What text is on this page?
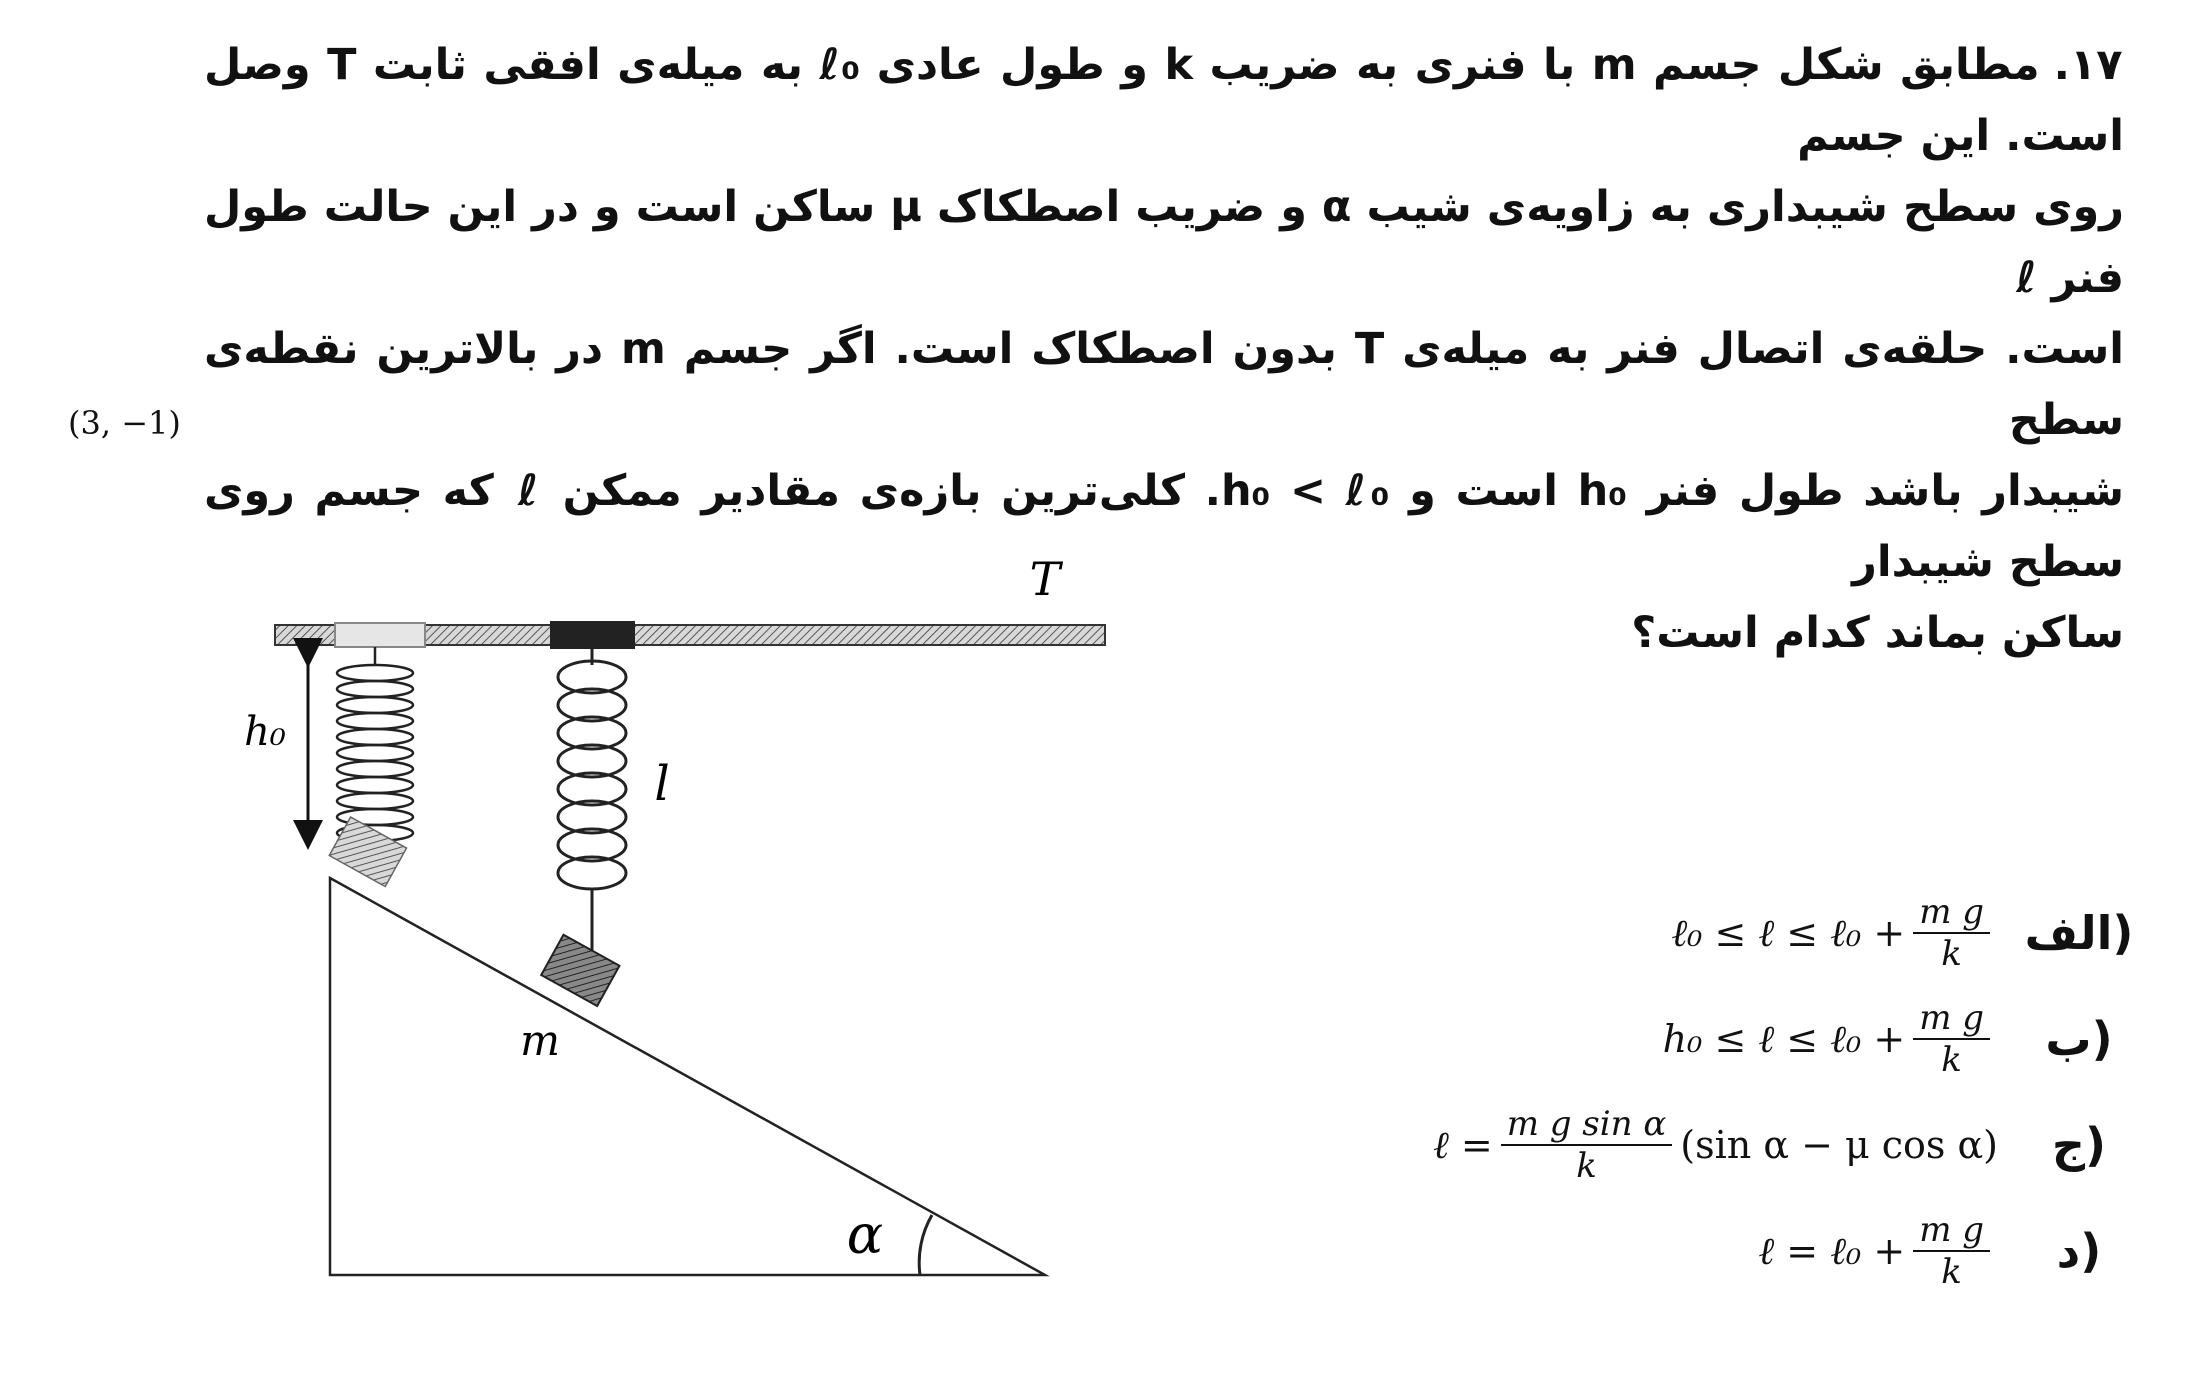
۱۷.مطابق شکل جسم m با فنری به ضریب k و طول عادی ℓ₀ به میله‌ی افقی ثابت T وصل است. این جسم
روی سطح شیبداری به زاویه‌ی شیب α و ضریب اصطکاک μ ساکن است و در این حالت طول فنر ℓ
است. حلقه‌ی اتصال فنر به میله‌ی T بدون اصطکاک است. اگر جسم m در بالاترین نقطه‌ی سطح
شیبدار باشد طول فنر h₀ است و h₀ < ℓ₀. کلی‌ترین بازه‌ی مقادیر ممکن ℓ که جسم روی سطح شیبدار
ساکن بماند کدام است؟
(3, −1)
T
h₀
l
m
α
(الف
ℓ₀ ≤ ℓ ≤ ℓ₀ + $\frac{\text{m g}}{k}$
(ب
h₀ ≤ ℓ ≤ ℓ₀ + $\frac{\text{m g}}{k}$
(ج
ℓ = $\frac{\text{m g sin α}}{k} (\sin$ α − μ cos α)
(د
ℓ = ℓ₀ + $\frac{\text{m g}}{k}$
